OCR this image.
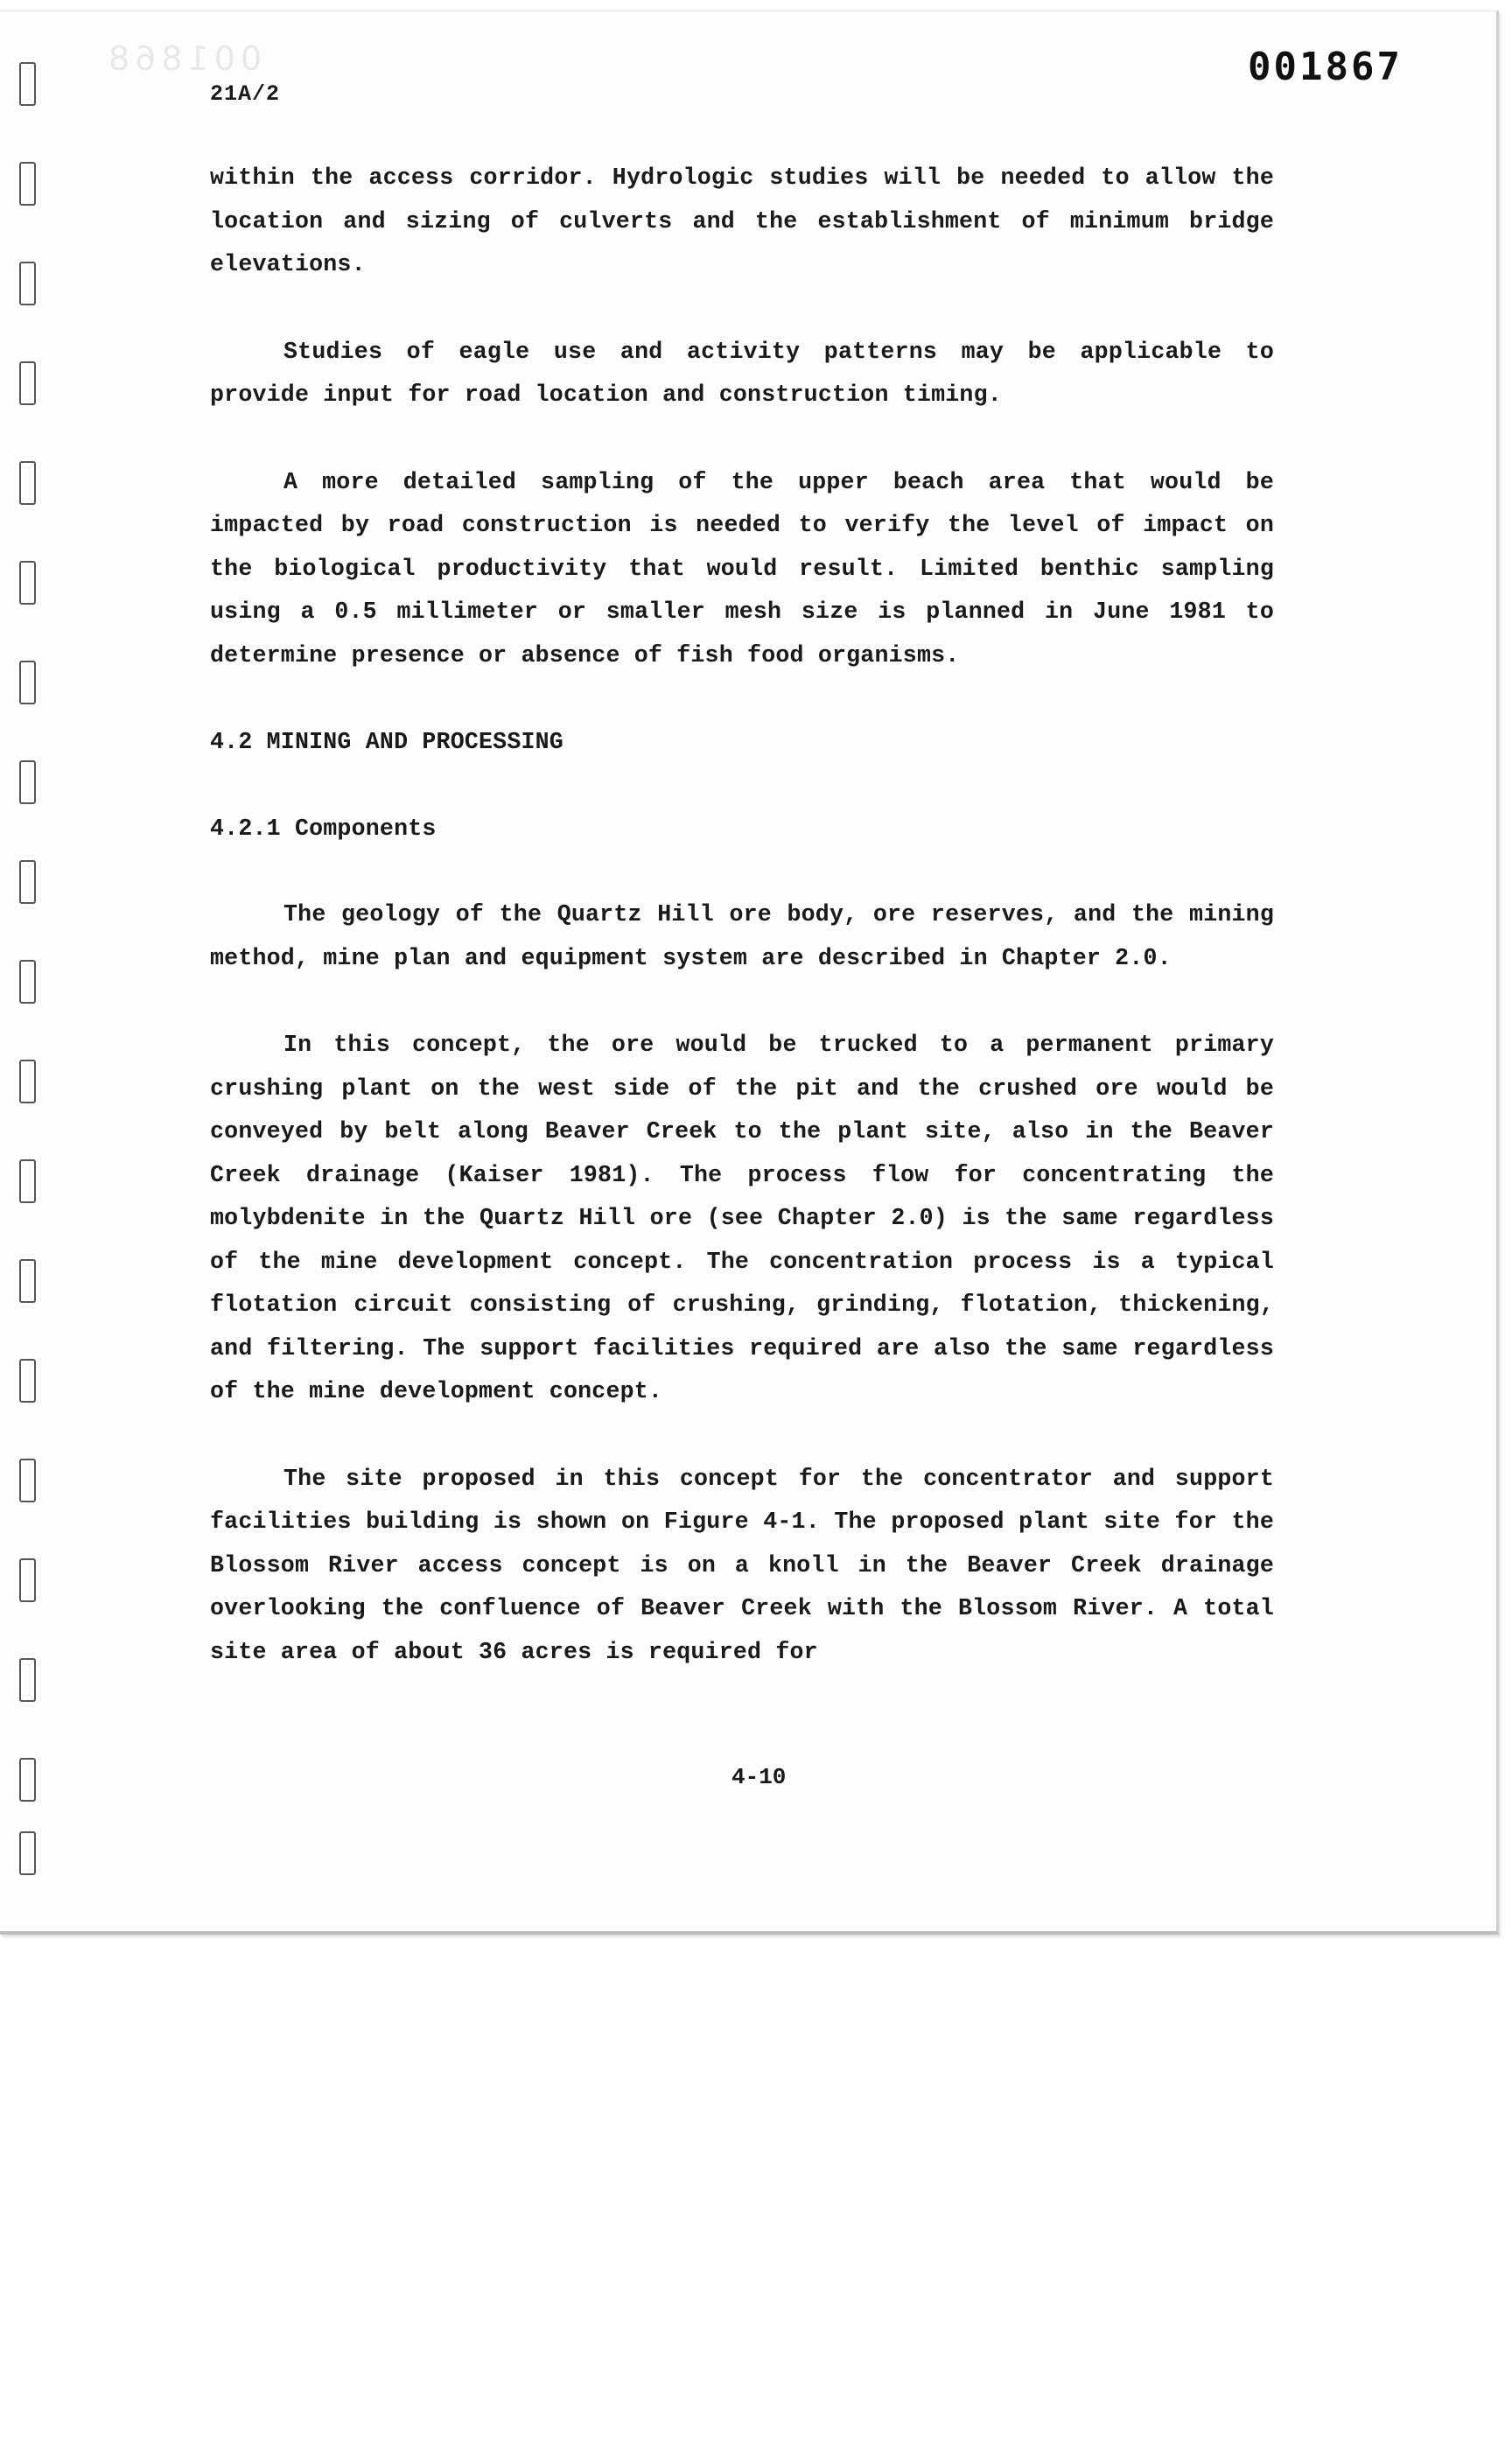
001868
21A/2
001867

within the access corridor. Hydrologic studies will be needed to allow the location and sizing of culverts and the establishment of minimum bridge elevations.

Studies of eagle use and activity patterns may be applicable to provide input for road location and construction timing.

A more detailed sampling of the upper beach area that would be impacted by road construction is needed to verify the level of impact on the biological productivity that would result. Limited benthic sampling using a 0.5 millimeter or smaller mesh size is planned in June 1981 to determine presence or absence of fish food organisms.

4.2 MINING AND PROCESSING
4.2.1 Components

The geology of the Quartz Hill ore body, ore reserves, and the mining method, mine plan and equipment system are described in Chapter 2.0.

In this concept, the ore would be trucked to a permanent primary crushing plant on the west side of the pit and the crushed ore would be conveyed by belt along Beaver Creek to the plant site, also in the Beaver Creek drainage (Kaiser 1981). The process flow for concentrating the molybdenite in the Quartz Hill ore (see Chapter 2.0) is the same regardless of the mine development concept. The concentration process is a typical flotation circuit consisting of crushing, grinding, flotation, thickening, and filtering. The support facilities required are also the same regardless of the mine development concept.

The site proposed in this concept for the concentrator and support facilities building is shown on Figure 4-1. The proposed plant site for the Blossom River access concept is on a knoll in the Beaver Creek drainage overlooking the confluence of Beaver Creek with the Blossom River. A total site area of about 36 acres is required for

4-10
